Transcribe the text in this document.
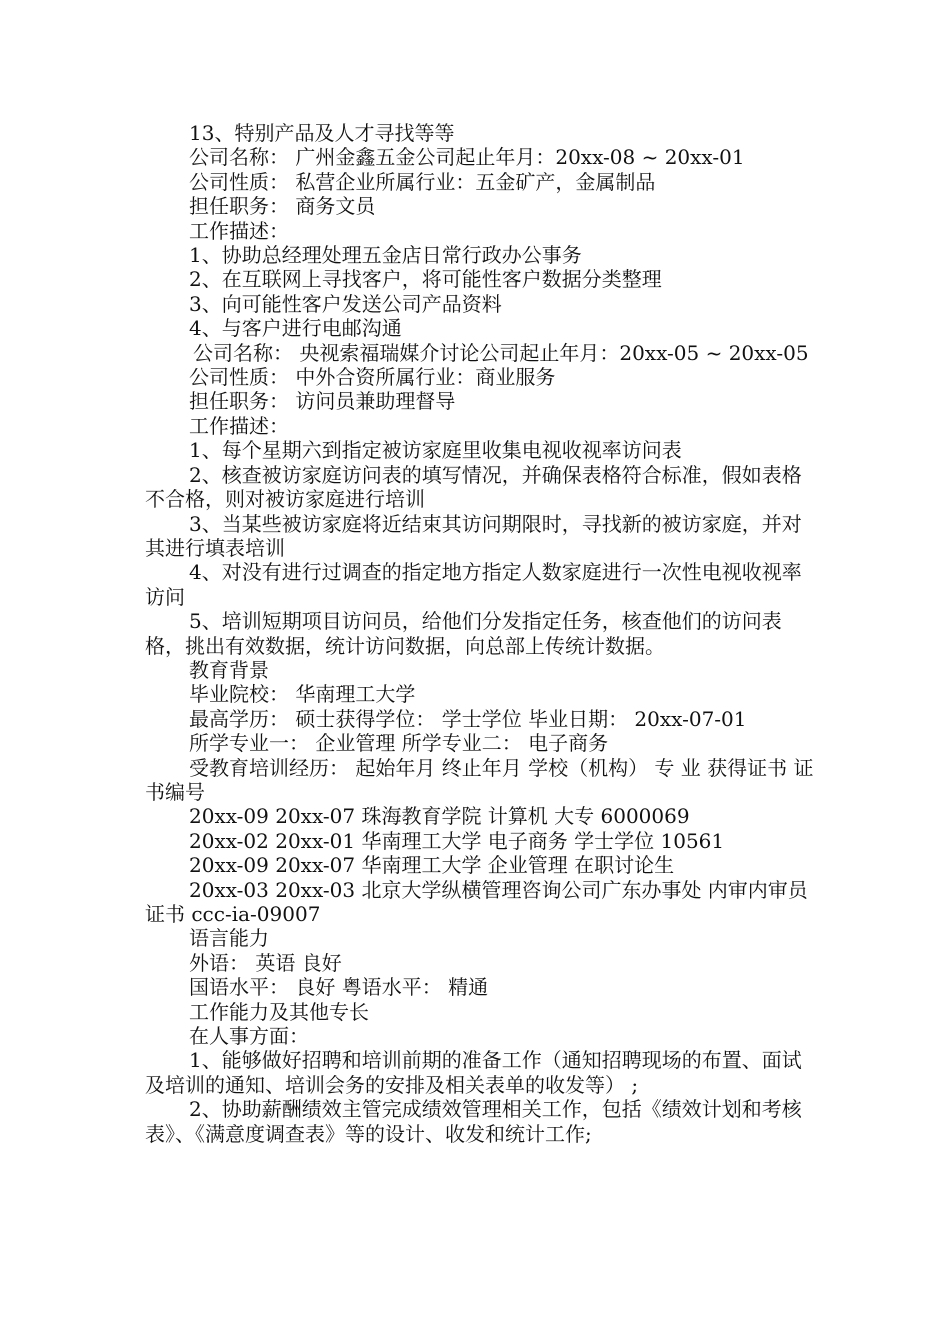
13、特别产品及人才寻找等等

公司名称： 广州金鑫五金公司起止年月：20xx-08 ~ 20xx-01

公司性质： 私营企业所属行业：五金矿产，金属制品

担任职务： 商务文员

工作描述：

1、协助总经理处理五金店日常行政办公事务

2、在互联网上寻找客户，将可能性客户数据分类整理

3、向可能性客户发送公司产品资料

4、与客户进行电邮沟通

公司名称： 央视索福瑞媒介讨论公司起止年月：20xx-05 ~ 20xx-05

公司性质： 中外合资所属行业：商业服务

担任职务： 访问员兼助理督导

工作描述：

1、每个星期六到指定被访家庭里收集电视收视率访问表

2、核查被访家庭访问表的填写情况，并确保表格符合标准，假如表格不合格，则对被访家庭进行培训

3、当某些被访家庭将近结束其访问期限时，寻找新的被访家庭，并对其进行填表培训

4、对没有进行过调查的指定地方指定人数家庭进行一次性电视收视率访问

5、培训短期项目访问员，给他们分发指定任务，核查他们的访问表格，挑出有效数据，统计访问数据，向总部上传统计数据。

教育背景

毕业院校： 华南理工大学

最高学历： 硕士获得学位： 学士学位 毕业日期： 20xx-07-01

所学专业一： 企业管理 所学专业二： 电子商务

受教育培训经历： 起始年月 终止年月 学校（机构） 专 业 获得证书 证书编号

20xx-09 20xx-07 珠海教育学院 计算机 大专 6000069

20xx-02 20xx-01 华南理工大学 电子商务 学士学位 10561

20xx-09 20xx-07 华南理工大学 企业管理 在职讨论生

20xx-03 20xx-03 北京大学纵横管理咨询公司广东办事处 内审内审员证书 ccc-ia-09007

语言能力

外语： 英语 良好

国语水平： 良好 粤语水平： 精通

工作能力及其他专长

在人事方面：

1、能够做好招聘和培训前期的准备工作（通知招聘现场的布置、面试及培训的通知、培训会务的安排及相关表单的收发等） ;

2、协助薪酬绩效主管完成绩效管理相关工作，包括《绩效计划和考核表》、《满意度调查表》等的设计、收发和统计工作;
